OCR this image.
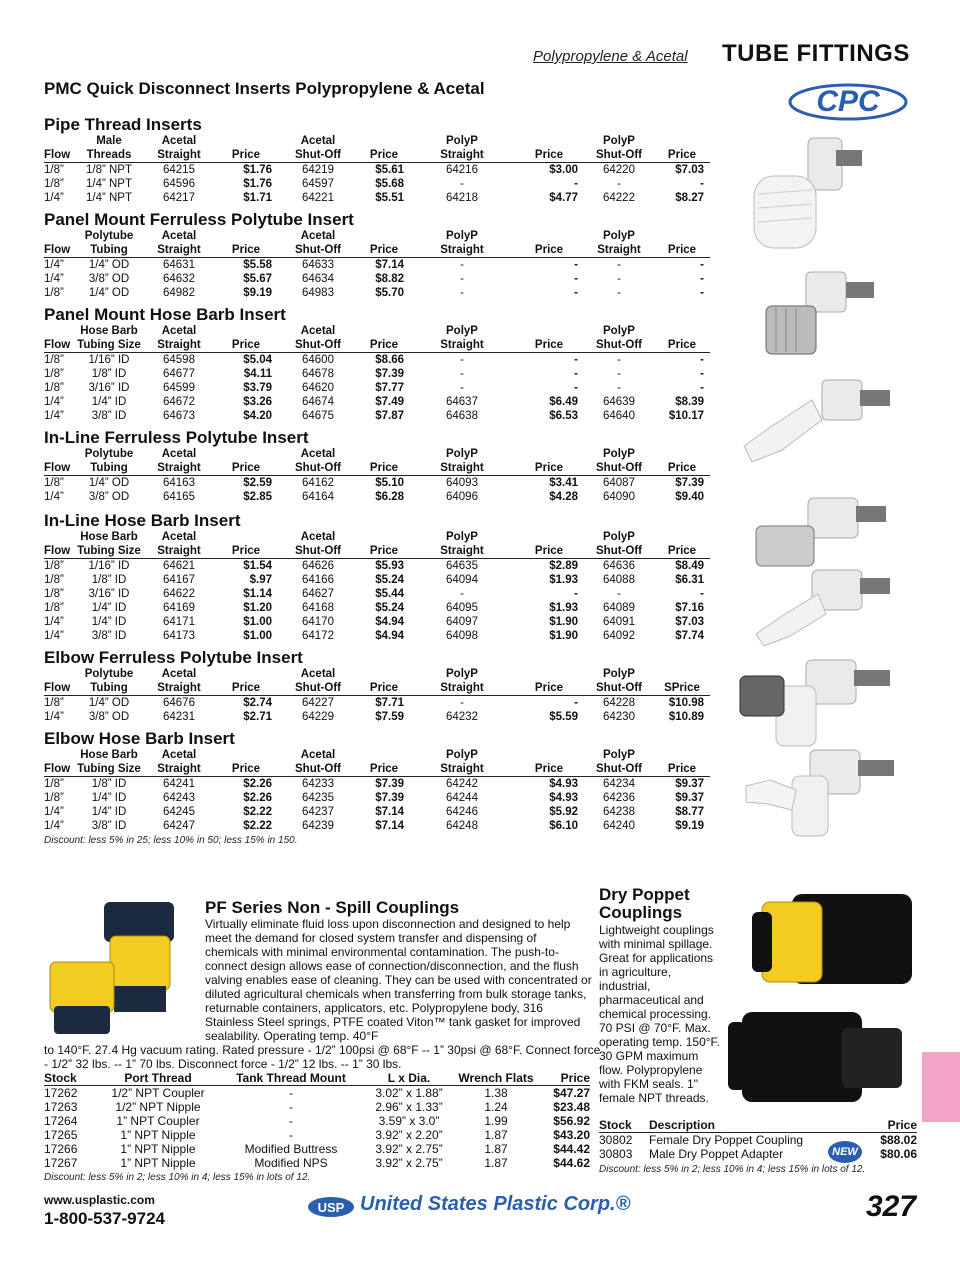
Polypropylene & Acetal TUBE FITTINGS
PMC Quick Disconnect Inserts Polypropylene & Acetal	CPC
Pipe Thread Inserts
	Male	Acetal		Acetal		PolyP		PolyP	
Flow	Threads	Straight	Price	Shut-Off	Price	Straight	Price	Shut-Off	Price
1/8”	1/8” NPT	64215	$1.76	64219	$5.61	64216	$3.00	64220	$7.03
1/8”	1/4” NPT	64596	$1.76	64597	$5.68	-	-	-	-
1/4”	1/4” NPT	64217	$1.71	64221	$5.51	64218	$4.77	64222	$8.27
Panel Mount Ferruless Polytube Insert
	Polytube	Acetal		Acetal		PolyP		PolyP	
Flow	Tubing	Straight	Price	Shut-Off	Price	Straight	Price	Straight	Price
1/4”	1/4” OD	64631	$5.58	64633	$7.14	-	-	-	-
1/4”	3/8” OD	64632	$5.67	64634	$8.82	-	-	-	-
1/8”	1/4” OD	64982	$9.19	64983	$5.70	-	-	-	-
Panel Mount Hose Barb Insert
	Hose Barb	Acetal		Acetal		PolyP		PolyP	
Flow	Tubing Size	Straight	Price	Shut-Off	Price	Straight	Price	Shut-Off	Price
1/8”	1/16” ID	64598	$5.04	64600	$8.66	-	-	-	-
1/8”	1/8” ID	64677	$4.11	64678	$7.39	-	-	-	-
1/8”	3/16” ID	64599	$3.79	64620	$7.77	-	-	-	-
1/4”	1/4” ID	64672	$3.26	64674	$7.49	64637	$6.49	64639	$8.39
1/4”	3/8” ID	64673	$4.20	64675	$7.87	64638	$6.53	64640	$10.17
In-Line Ferruless Polytube Insert
	Polytube	Acetal		Acetal		PolyP		PolyP	
Flow	Tubing	Straight	Price	Shut-Off	Price	Straight	Price	Shut-Off	Price
1/8”	1/4” OD	64163	$2.59	64162	$5.10	64093	$3.41	64087	$7.39
1/4”	3/8” OD	64165	$2.85	64164	$6.28	64096	$4.28	64090	$9.40
In-Line Hose Barb Insert
	Hose Barb	Acetal		Acetal		PolyP		PolyP	
Flow	Tubing Size	Straight	Price	Shut-Off	Price	Straight	Price	Shut-Off	Price
1/8”	1/16” ID	64621	$1.54	64626	$5.93	64635	$2.89	64636	$8.49
1/8”	1/8” ID	64167	$.97	64166	$5.24	64094	$1.93	64088	$6.31
1/8”	3/16” ID	64622	$1.14	64627	$5.44	-	-	-	-
1/8”	1/4” ID	64169	$1.20	64168	$5.24	64095	$1.93	64089	$7.16
1/4”	1/4” ID	64171	$1.00	64170	$4.94	64097	$1.90	64091	$7.03
1/4”	3/8” ID	64173	$1.00	64172	$4.94	64098	$1.90	64092	$7.74
Elbow Ferruless Polytube Insert
	Polytube	Acetal		Acetal		PolyP		PolyP	
Flow	Tubing	Straight	Price	Shut-Off	Price	Straight	Price	Shut-Off	SPrice
1/8”	1/4” OD	64676	$2.74	64227	$7.71	-	-	64228	$10.98
1/4”	3/8” OD	64231	$2.71	64229	$7.59	64232	$5.59	64230	$10.89
Elbow Hose Barb Insert
	Hose Barb	Acetal		Acetal		PolyP		PolyP	
Flow	Tubing Size	Straight	Price	Shut-Off	Price	Straight	Price	Shut-Off	Price
1/8”	1/8” ID	64241	$2.26	64233	$7.39	64242	$4.93	64234	$9.37
1/8”	1/4” ID	64243	$2.26	64235	$7.39	64244	$4.93	64236	$9.37
1/4”	1/4” ID	64245	$2.22	64237	$7.14	64246	$5.92	64238	$8.77
1/4”	3/8” ID	64247	$2.22	64239	$7.14	64248	$6.10	64240	$9.19
Discount: less 5% in 25; less 10% in 50; less 15% in 150.
PF Series Non - Spill Couplings
Virtually eliminate fluid loss upon disconnection and designed to help meet the demand for closed system transfer and dispensing of chemicals with minimal environmental contamination. The push-to-connect design allows ease of connection/disconnection, and the flush valving enables ease of cleaning. They can be used with concentrated or diluted agricultural chemicals when transferring from bulk storage tanks, returnable containers, applicators, etc. Polypropylene body, 316 Stainless Steel springs, PTFE coated Viton™ tank gasket for improved sealability. Operating temp. 40°F
to 140°F. 27.4 Hg vacuum rating. Rated pressure - 1/2” 100psi @ 68°F -- 1” 30psi @ 68°F. Connect force - 1/2” 32 lbs. -- 1” 70 lbs. Disconnect force - 1/2” 12 lbs. -- 1” 30 lbs.
Stock	Port Thread	Tank Thread Mount	L x Dia.	Wrench Flats	Price
17262	1/2” NPT Coupler	-	3.02” x 1.88”	1.38	$47.27
17263	1/2” NPT Nipple	-	2.96” x 1.33”	1.24	$23.48
17264	1” NPT Coupler	-	3.59” x 3.0”	1.99	$56.92
17265	1” NPT Nipple	-	3.92” x 2.20”	1.87	$43.20
17266	1” NPT Nipple	Modified Buttress	3.92” x 2.75”	1.87	$44.42
17267	1” NPT Nipple	Modified NPS	3.92” x 2.75”	1.87	$44.62
Discount: less 5% in 2; less 10% in 4; less 15% in lots of 12.
Dry Poppet Couplings
Lightweight couplings with minimal spillage. Great for applications in agriculture, industrial, pharmaceutical and chemical processing. 70 PSI @ 70°F. Max. operating temp. 150°F. 30 GPM maximum flow. Polypropylene with FKM seals. 1" female NPT threads.
Stock	Description	Price
30802	Female Dry Poppet Coupling	$88.02
30803	Male Dry Poppet Adapter	$80.06
NEW
Discount: less 5% in 2; less 10% in 4; less 15% in lots of 12.
www.usplastic.com
1-800-537-9724
USP United States Plastic Corp.®	327
